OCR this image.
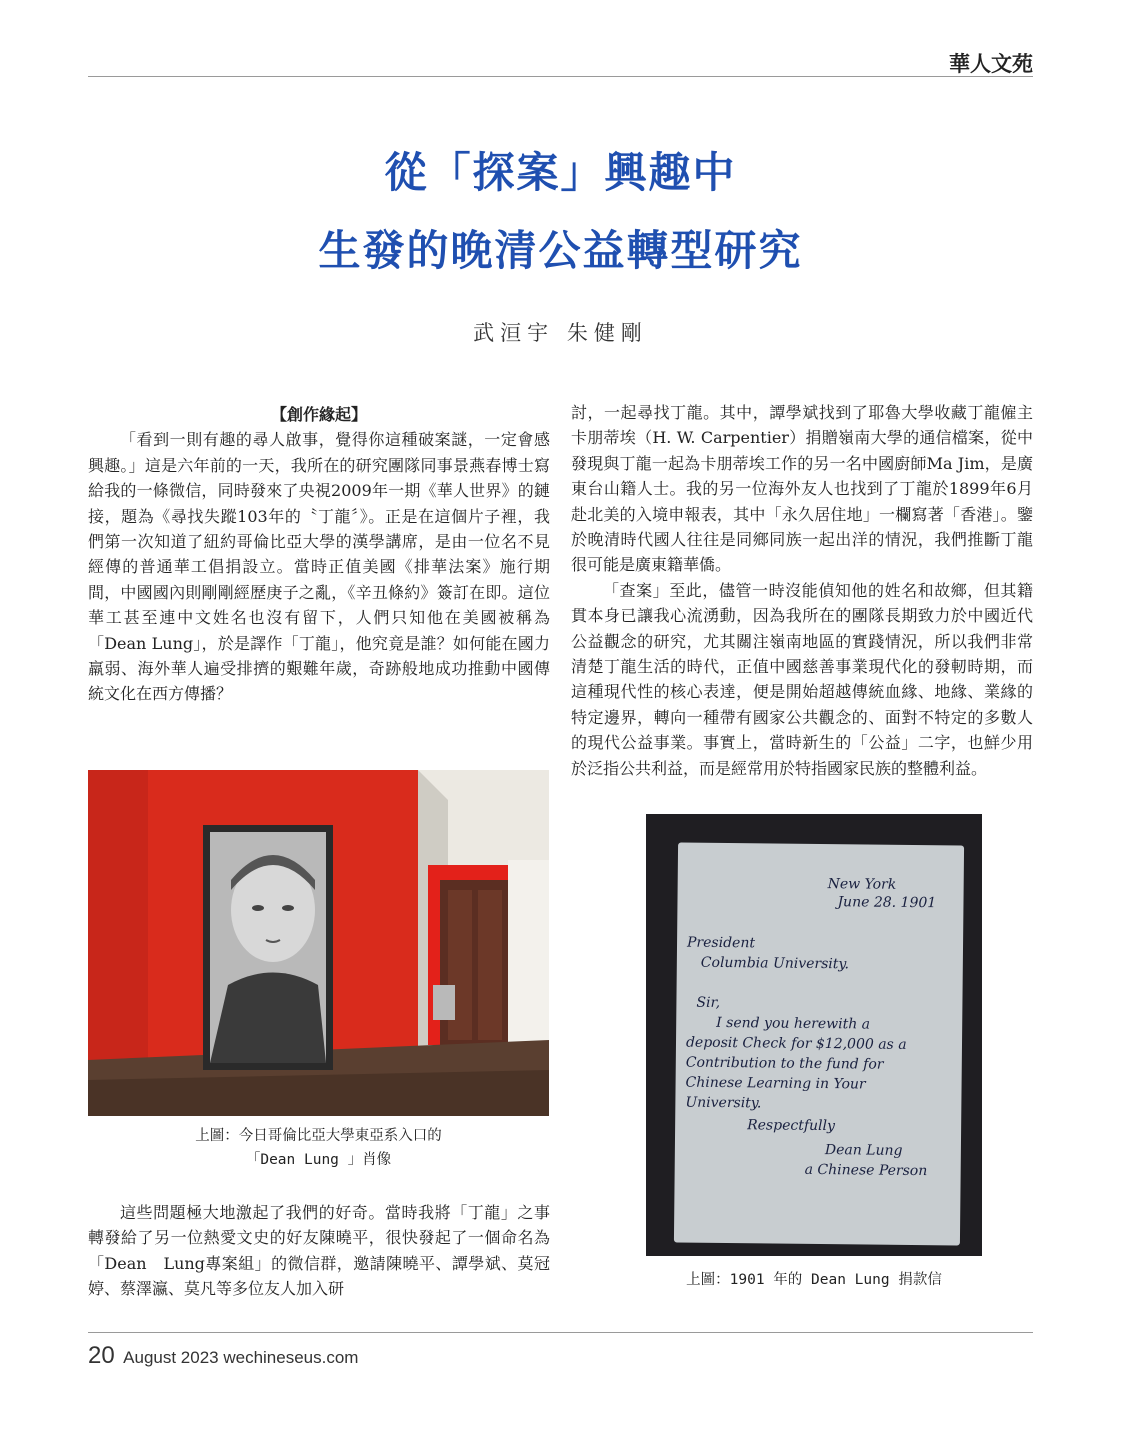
華人文苑
從「探案」興趣中
生發的晚清公益轉型研究
武洹宇 朱健剛

【創作緣起】

「看到一則有趣的尋人啟事，覺得你這種破案謎，一定會感興趣。」這是六年前的一天，我所在的研究團隊同事景燕春博士寫給我的一條微信，同時發來了央視2009年一期《華人世界》的鏈接，題為《尋找失蹤103年的〝丁龍〞》。正是在這個片子裡，我們第一次知道了紐約哥倫比亞大學的漢學講席，是由一位名不見經傳的普通華工倡捐設立。當時正值美國《排華法案》施行期間，中國國內則剛剛經歷庚子之亂，《辛丑條約》簽訂在即。這位華工甚至連中文姓名也沒有留下，人們只知他在美國被稱為「Dean Lung」，於是譯作「丁龍」，他究竟是誰？如何能在國力羸弱、海外華人遍受排擠的艱難年歲，奇跡般地成功推動中國傳統文化在西方傳播？

上圖：今日哥倫比亞大學東亞系入口的
「Dean Lung 」肖像

這些問題極大地激起了我們的好奇。當時我將「丁龍」之事轉發給了另一位熱愛文史的好友陳曉平，很快發起了一個命名為「Dean　Lung專案組」的微信群，邀請陳曉平、譚學斌、莫冠婷、蔡澤瀛、莫凡等多位友人加入研

討，一起尋找丁龍。其中，譚學斌找到了耶魯大學收藏丁龍僱主卡朋蒂埃（H. W. Carpentier）捐贈嶺南大學的通信檔案，從中發現與丁龍一起為卡朋蒂埃工作的另一名中國廚師Ma Jim，是廣東台山籍人士。我的另一位海外友人也找到了丁龍於1899年6月赴北美的入境申報表，其中「永久居住地」一欄寫著「香港」。鑒於晚清時代國人往往是同鄉同族一起出洋的情況，我們推斷丁龍很可能是廣東籍華僑。

「查案」至此，儘管一時沒能偵知他的姓名和故鄉，但其籍貫本身已讓我心流湧動，因為我所在的團隊長期致力於中國近代公益觀念的研究，尤其關注嶺南地區的實踐情況，所以我們非常清楚丁龍生活的時代，正值中國慈善事業現代化的發軔時期，而這種現代性的核心表達，便是開始超越傳統血緣、地緣、業緣的特定邊界，轉向一種帶有國家公共觀念的、面對不特定的多數人的現代公益事業。事實上，當時新生的「公益」二字，也鮮少用於泛指公共利益，而是經常用於特指國家民族的整體利益。

New York
June 28. 1901
President
Columbia University.
Sir,
I send you herewith a
deposit Check for $12,000 as a
Contribution to the fund for
Chinese Learning in Your
University.
Respectfully
Dean Lung
a Chinese Person
上圖：1901 年的 Dean Lung 捐款信
20 August 2023 wechineseus.com
